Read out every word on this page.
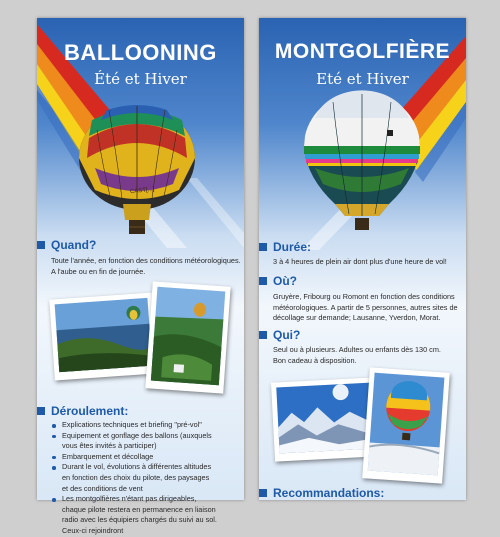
BALLOONING
Été et Hiver
CAST[...]
Quand?
Toute l'année, en fonction des conditions météorologiques.
A l'aube ou en fin de journée.
Déroulement:
Explications techniques et briefing "pré-vol"
Equipement et gonflage des ballons (auxquels vous êtes invités à participer)
Embarquement et décollage
Durant le vol, évolutions à différentes altitudes en fonction des choix du pilote, des paysages et des conditions de vent
Les montgolfières n'étant pas dirigeables, chaque pilote restera en permanence en liaison radio avec les équipiers chargés du suivi au sol. Ceux-ci rejoindront
MONTGOLFIÈRE
Eté et Hiver
Durée:
3 à 4 heures de plein air dont plus d'une heure de vol!
Où?
Gruyère, Fribourg ou Romont en fonction des conditions météorologiques. A partir de 5 personnes, autres sites de décollage sur demande; Lausanne, Yverdon, Morat.
Qui?
Seul ou à plusieurs. Adultes ou enfants dès 130 cm.
Bon cadeau à disposition.
Recommandations:
